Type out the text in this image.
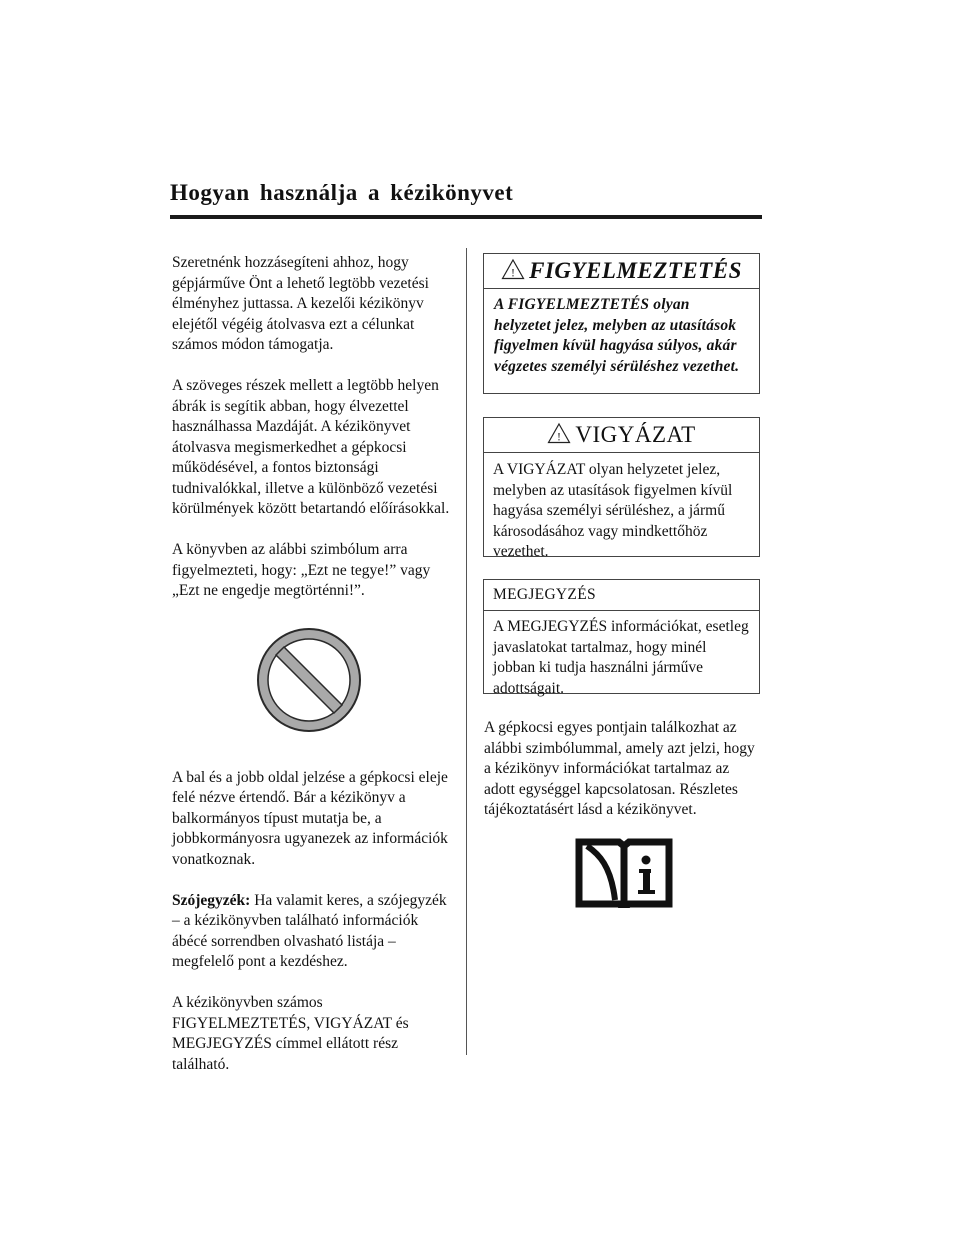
Hogyan használja a kézikönyvet

Szeretnénk hozzásegíteni ahhoz, hogy gépjárműve Önt a lehető legtöbb vezetési élményhez juttassa. A kezelői kézikönyv elejétől végéig átolvasva ezt a célunkat számos módon támogatja.

A szöveges részek mellett a legtöbb helyen ábrák is segítik abban, hogy élvezettel használhassa Mazdáját. A kézikönyvet átolvasva megismerkedhet a gépkocsi működésével, a fontos biztonsági tudnivalókkal, illetve a különböző vezetési körülmények között betartandó előírásokkal.

A könyvben az alábbi szimbólum arra figyelmezteti, hogy: „Ezt ne tegye!” vagy „Ezt ne engedje megtörténni!”.

A bal és a jobb oldal jelzése a gépkocsi eleje felé nézve értendő. Bár a kézikönyv a balkormányos típust mutatja be, a jobbkormányosra ugyanezek az információk vonatkoznak.

Szójegyzék: Ha valamit keres, a szójegyzék – a kézikönyvben található információk ábécé sorrendben olvasható listája – megfelelő pont a kezdéshez.

A kézikönyvben számos FIGYELMEZTETÉS, VIGYÁZAT és MEGJEGYZÉS címmel ellátott rész található.

! FIGYELMEZTETÉS

A FIGYELMEZTETÉS olyan helyzetet jelez, melyben az utasítások figyelmen kívül hagyása súlyos, akár végzetes személyi sérüléshez vezethet.

! VIGYÁZAT

A VIGYÁZAT olyan helyzetet jelez, melyben az utasítások figyelmen kívül hagyása személyi sérüléshez, a jármű károsodásához vagy mindkettőhöz vezethet.

MEGJEGYZÉS

A MEGJEGYZÉS információkat, esetleg javaslatokat tartalmaz, hogy minél jobban ki tudja használni járműve adottságait.

A gépkocsi egyes pontjain találkozhat az alábbi szimbólummal, amely azt jelzi, hogy a kézikönyv információkat tartalmaz az adott egységgel kapcsolatosan. Részletes tájékoztatásért lásd a kézikönyvet.
